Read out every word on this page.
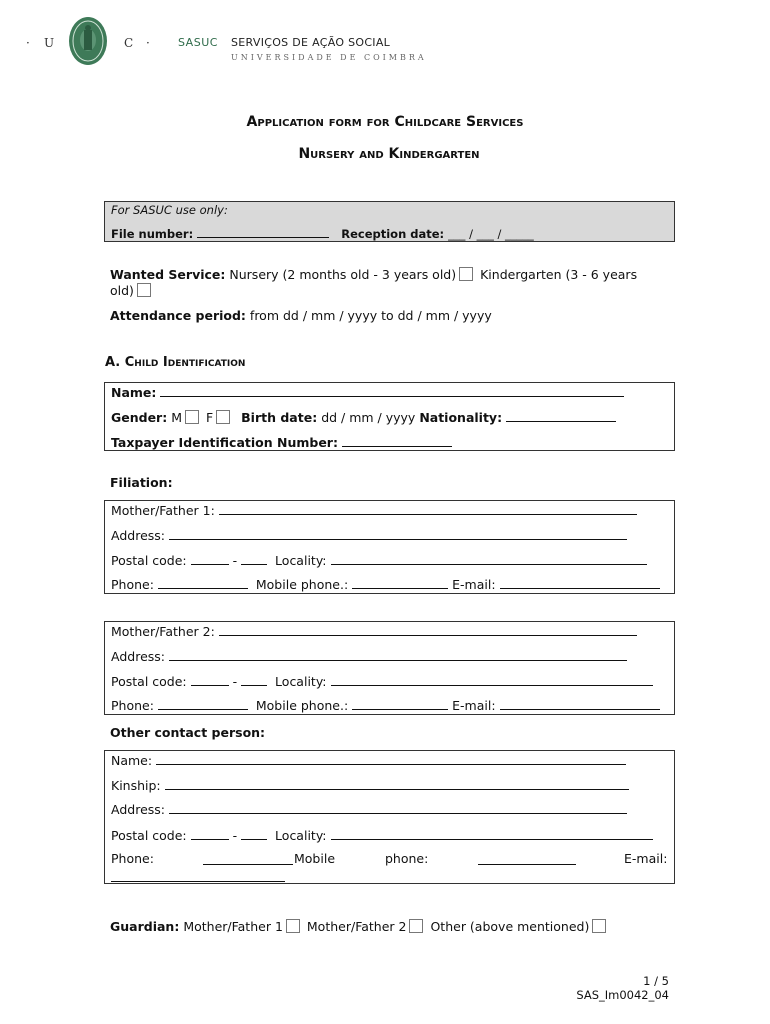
· U	C ·	SASUC SERVIÇOS DE AÇÃO SOCIAL
UNIVERSIDADE DE COIMBRA
Application form for Childcare Services
Nursery and Kindergarten
For SASUC use only:
File number:	Reception date: ___ / ___ / _____
Wanted Service: Nursery (2 months old - 3 years old) Kindergarten (3 - 6 years
old)
Attendance period: from dd / mm / yyyy to dd / mm / yyyy
A. Child Identification
Name:
Gender: M F Birth date: dd / mm / yyyy Nationality:
Taxpayer Identification Number:
Filiation:
Mother/Father 1:
Address:
Postal code:	-	Locality:
Phone:	Mobile phone.:	E-mail:
Mother/Father 2:
Address:
Postal code:	-	Locality:
Phone:	Mobile phone.:	E-mail:
Other contact person:
Name:
Kinship:
Address:
Postal code:	-	Locality:
Phone:	Mobile	phone:	E-mail:
Guardian: Mother/Father 1 Mother/Father 2 Other (above mentioned)
1 / 5
SAS_Im0042_04
